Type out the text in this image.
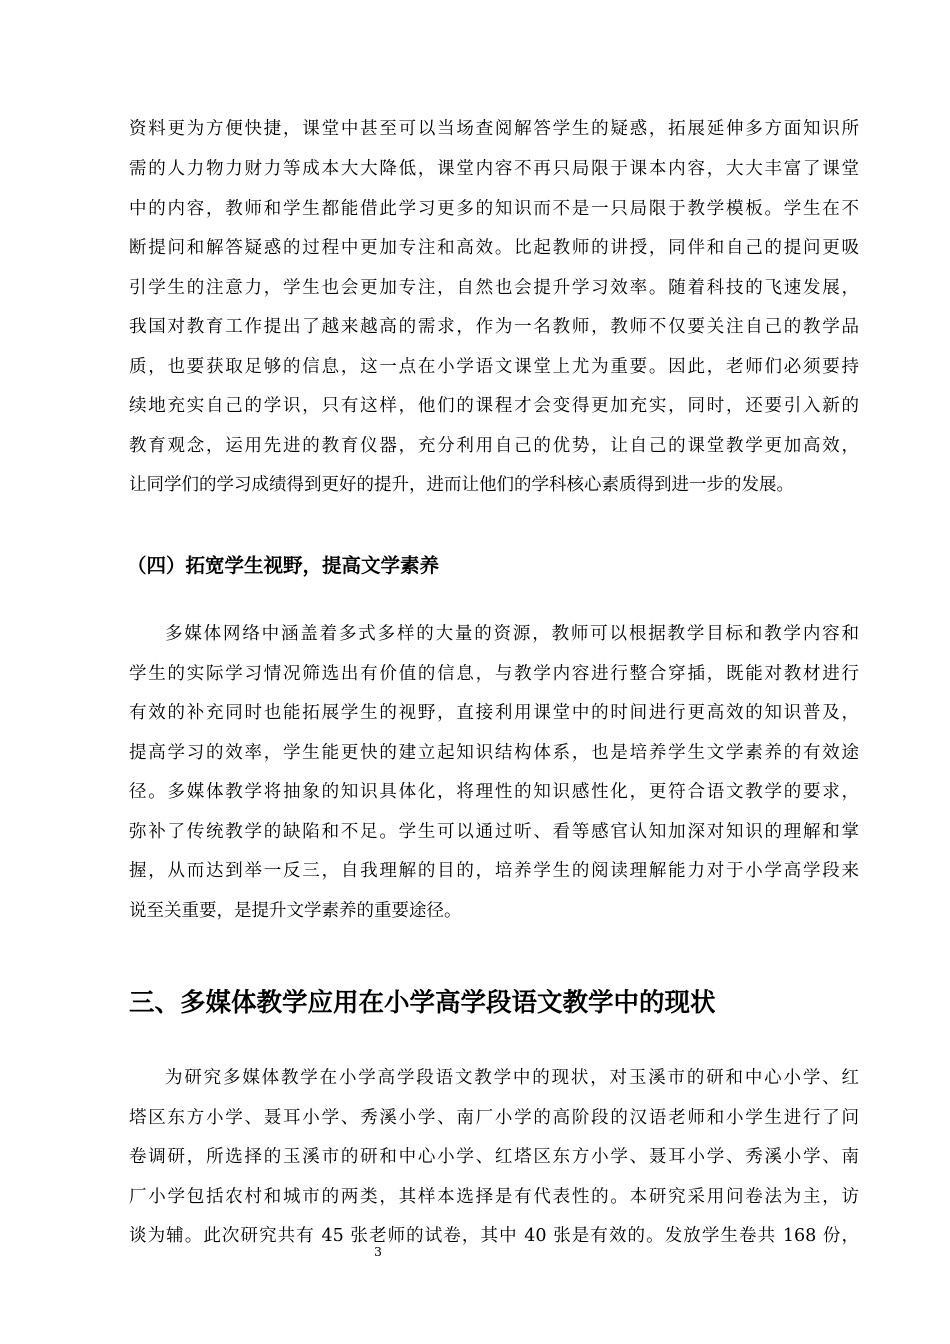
资料更为方便快捷，课堂中甚至可以当场查阅解答学生的疑惑，拓展延伸多方面知识所
需的人力物力财力等成本大大降低，课堂内容不再只局限于课本内容，大大丰富了课堂
中的内容，教师和学生都能借此学习更多的知识而不是一只局限于教学模板。学生在不
断提问和解答疑惑的过程中更加专注和高效。比起教师的讲授，同伴和自己的提问更吸
引学生的注意力，学生也会更加专注，自然也会提升学习效率。随着科技的飞速发展，
我国对教育工作提出了越来越高的需求，作为一名教师，教师不仅要关注自己的教学品
质，也要获取足够的信息，这一点在小学语文课堂上尤为重要。因此，老师们必须要持
续地充实自己的学识，只有这样，他们的课程才会变得更加充实，同时，还要引入新的
教育观念，运用先进的教育仪器，充分利用自己的优势，让自己的课堂教学更加高效，
让同学们的学习成绩得到更好的提升，进而让他们的学科核心素质得到进一步的发展。
（四）拓宽学生视野，提高文学素养
多媒体网络中涵盖着多式多样的大量的资源，教师可以根据教学目标和教学内容和
学生的实际学习情况筛选出有价值的信息，与教学内容进行整合穿插，既能对教材进行
有效的补充同时也能拓展学生的视野，直接利用课堂中的时间进行更高效的知识普及，
提高学习的效率，学生能更快的建立起知识结构体系，也是培养学生文学素养的有效途
径。多媒体教学将抽象的知识具体化，将理性的知识感性化，更符合语文教学的要求，
弥补了传统教学的缺陷和不足。学生可以通过听、看等感官认知加深对知识的理解和掌
握，从而达到举一反三，自我理解的目的，培养学生的阅读理解能力对于小学高学段来
说至关重要，是提升文学素养的重要途径。
三、多媒体教学应用在小学高学段语文教学中的现状
为研究多媒体教学在小学高学段语文教学中的现状，对玉溪市的研和中心小学、红
塔区东方小学、聂耳小学、秀溪小学、南厂小学的高阶段的汉语老师和小学生进行了问
卷调研，所选择的玉溪市的研和中心小学、红塔区东方小学、聂耳小学、秀溪小学、南
厂小学包括农村和城市的两类，其样本选择是有代表性的。本研究采用问卷法为主，访
谈为辅。此次研究共有 45 张老师的试卷，其中 40 张是有效的。发放学生卷共 168 份，
3
